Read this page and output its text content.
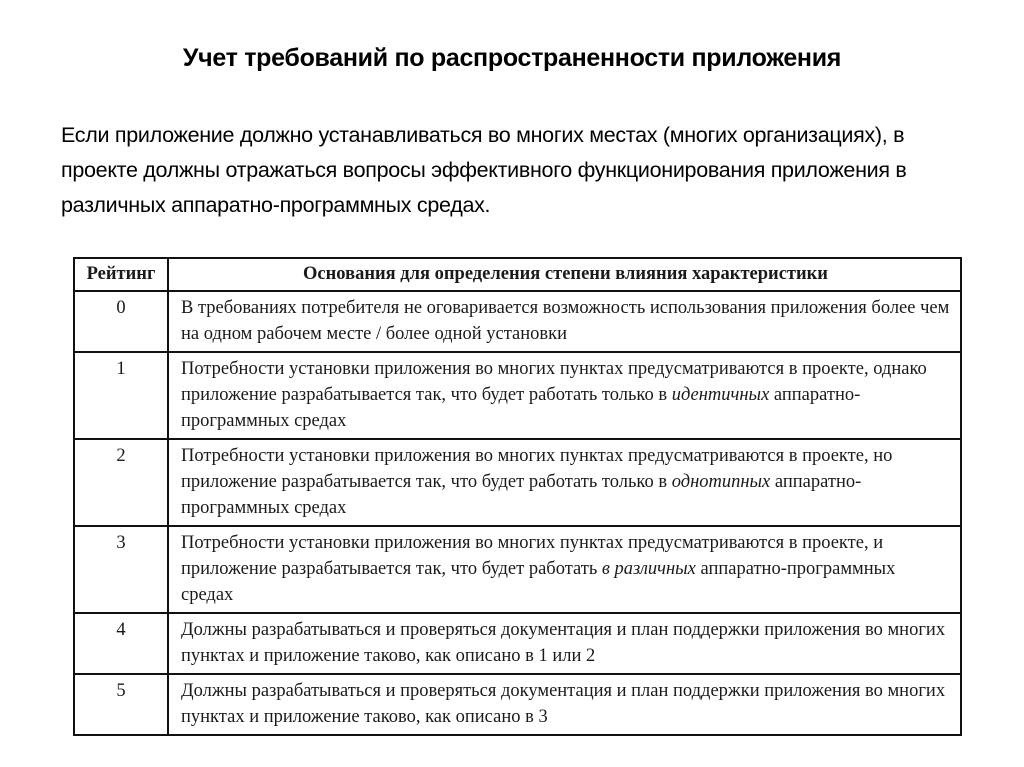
Учет требований по распространенности приложения
Если приложение должно устанавливаться во многих местах (многих организациях), в проекте должны отражаться вопросы эффективного функционирования приложения в различных аппаратно-программных средах.
Рейтинг	Основания для определения степени влияния характеристики
0	В требованиях потребителя не оговаривается возможность использования приложения более чем на одном рабочем месте / более одной установки
1	Потребности установки приложения во многих пунктах предусматриваются в проекте, однако приложение разрабатывается так, что будет работать только в идентичных аппаратно-программных средах
2	Потребности установки приложения во многих пунктах предусматриваются в проекте, но приложение разрабатывается так, что будет работать только в однотипных аппаратно-программных средах
3	Потребности установки приложения во многих пунктах предусматриваются в проекте, и приложение разрабатывается так, что будет работать в различных аппаратно-программных средах
4	Должны разрабатываться и проверяться документация и план поддержки приложения во многих пунктах и приложение таково, как описано в 1 или 2
5	Должны разрабатываться и проверяться документация и план поддержки приложения во многих пунктах и приложение таково, как описано в 3
